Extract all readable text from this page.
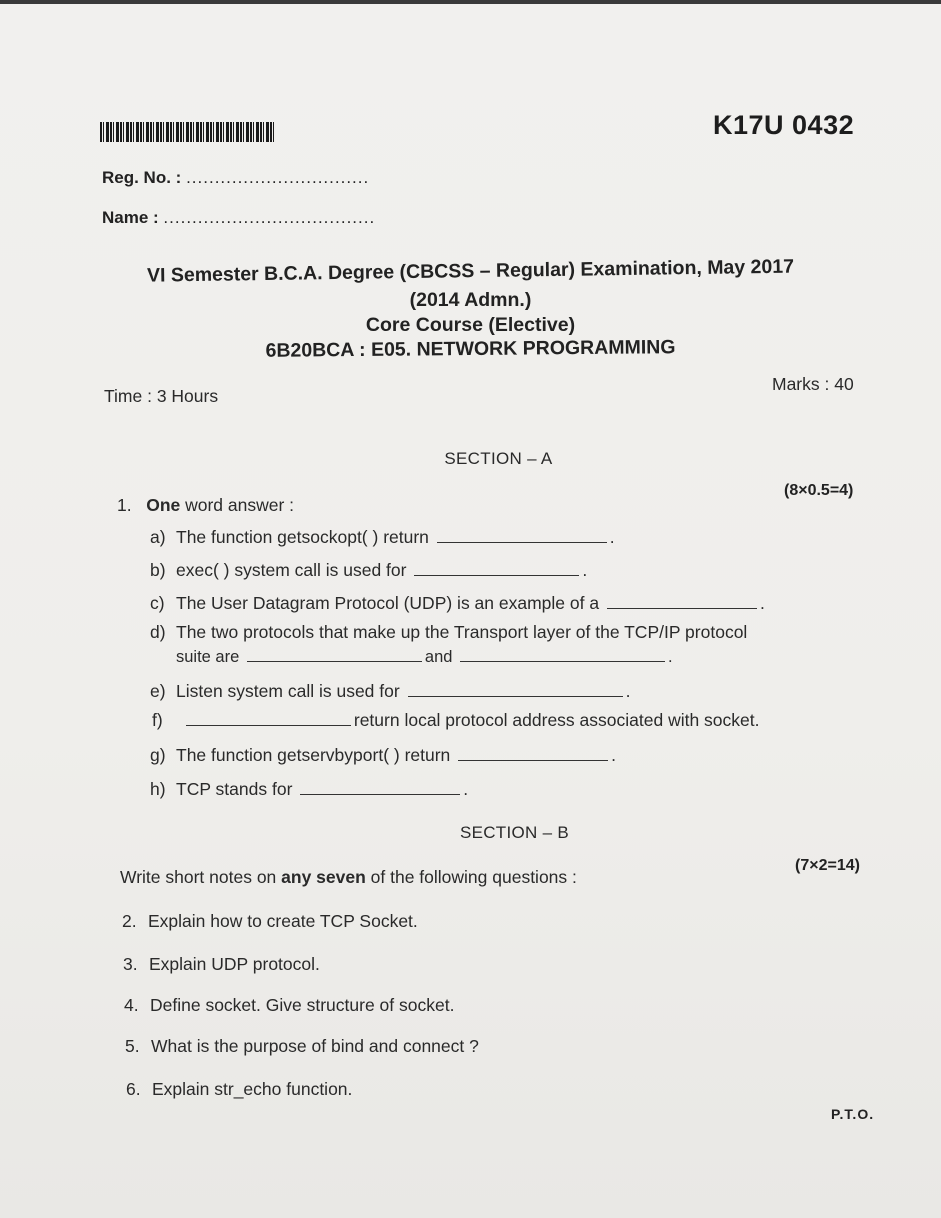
K17U 0432
Reg. No. : ................................
Name : .....................................
VI Semester B.C.A. Degree (CBCSS – Regular) Examination, May 2017
(2014 Admn.)
Core Course (Elective)
6B20BCA : E05. NETWORK PROGRAMMING
Time : 3 Hours
Marks : 40
SECTION – A
1. One word answer :
(8×0.5=4)
a) The function getsockopt( ) return	.
b) exec( ) system call is used for	.
c) The User Datagram Protocol (UDP) is an example of a	.
d) The two protocols that make up the Transport layer of the TCP/IP protocol
suite are	and	.
e) Listen system call is used for	.
f)	return local protocol address associated with socket.
g) The function getservbyport( ) return	.
h) TCP stands for	.
SECTION – B
Write short notes on any seven of the following questions :
(7×2=14)
2. Explain how to create TCP Socket.
3. Explain UDP protocol.
4. Define socket. Give structure of socket.
5. What is the purpose of bind and connect ?
6. Explain str_echo function.
P.T.O.
